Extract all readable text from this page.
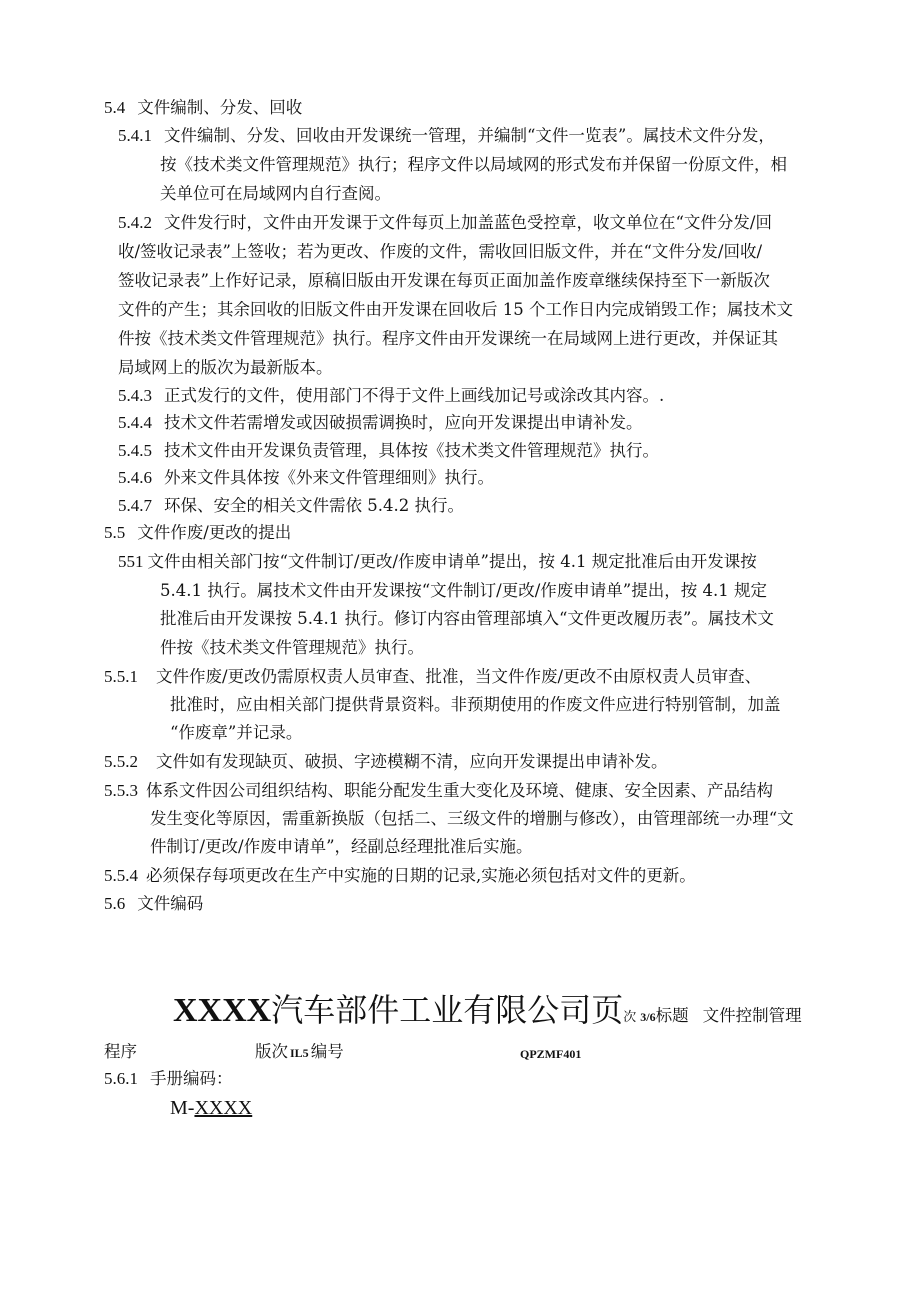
5.4 文件编制、分发、回收
5.4.1 文件编制、分发、回收由开发课统一管理，并编制“文件一览表”。属技术文件分发，
按《技术类文件管理规范》执行；程序文件以局域网的形式发布并保留一份原文件，相
关单位可在局域网内自行查阅。
5.4.2 文件发行时，文件由开发课于文件每页上加盖蓝色受控章，收文单位在“文件分发/回
收/签收记录表”上签收；若为更改、作废的文件，需收回旧版文件，并在“文件分发/回收/
签收记录表”上作好记录，原稿旧版由开发课在每页正面加盖作废章继续保持至下一新版次
文件的产生；其余回收的旧版文件由开发课在回收后 15 个工作日内完成销毁工作；属技术文
件按《技术类文件管理规范》执行。程序文件由开发课统一在局域网上进行更改，并保证其
局域网上的版次为最新版本。
5.4.3 正式发行的文件，使用部门不得于文件上画线加记号或涂改其内容。.
5.4.4 技术文件若需增发或因破损需调换时，应向开发课提出申请补发。
5.4.5 技术文件由开发课负责管理，具体按《技术类文件管理规范》执行。
5.4.6 外来文件具体按《外来文件管理细则》执行。
5.4.7 环保、安全的相关文件需依 5.4.2 执行。
5.5 文件作废/更改的提出
551 文件由相关部门按“文件制订/更改/作废申请单”提出，按 4.1 规定批准后由开发课按
5.4.1 执行。属技术文件由开发课按“文件制订/更改/作废申请单”提出，按 4.1 规定
批准后由开发课按 5.4.1 执行。修订内容由管理部填入“文件更改履历表”。属技术文
件按《技术类文件管理规范》执行。
5.5.1 文件作废/更改仍需原权责人员审查、批准，当文件作废/更改不由原权责人员审查、
批准时，应由相关部门提供背景资料。非预期使用的作废文件应进行特别管制，加盖
“作废章”并记录。
5.5.2 文件如有发现缺页、破损、字迹模糊不清，应向开发课提出申请补发。
5.5.3 体系文件因公司组织结构、职能分配发生重大变化及环境、健康、安全因素、产品结构
发生变化等原因，需重新换版（包括二、三级文件的增删与修改），由管理部统一办理“文
件制订/更改/作废申请单”，经副总经理批准后实施。
5.5.4 必须保存每项更改在生产中实施的日期的记录,实施必须包括对文件的更新。
5.6 文件编码
XXXX汽车部件工业有限公司页次 3/6标题 文件控制管理
程序	版次 IL5 编号	QPZMF401
5.6.1 手册编码：
M-XXXX
